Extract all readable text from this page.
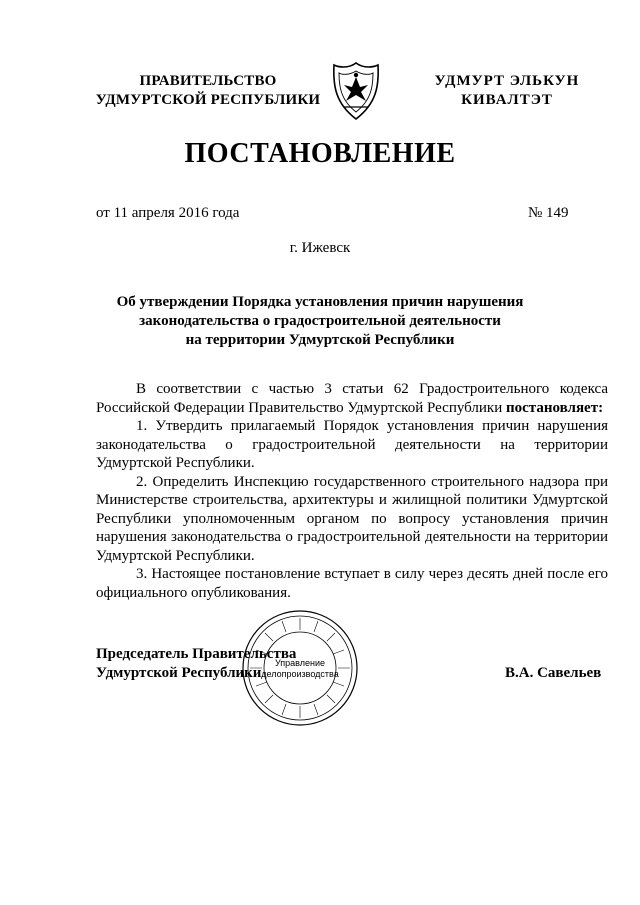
ПРАВИТЕЛЬСТВО
УДМУРТСКОЙ РЕСПУБЛИКИ
УДМУРТ ЭЛЬКУН
КИВАЛТЭТ
ПОСТАНОВЛЕНИЕ
от 11 апреля 2016 года	№ 149
г. Ижевск
Об утверждении Порядка установления причин нарушения
законодательства о градостроительной деятельности
на территории Удмуртской Республики

В соответствии с частью 3 статьи 62 Градостроительного кодекса Российской Федерации Правительство Удмуртской Республики постановляет:

1. Утвердить прилагаемый Порядок установления причин нарушения законодательства о градостроительной деятельности на территории Удмуртской Республики.

2. Определить Инспекцию государственного строительного надзора при Министерстве строительства, архитектуры и жилищной политики Удмуртской Республики уполномоченным органом по вопросу установления причин нарушения законодательства о градостроительной деятельности на территории Удмуртской Республики.

3. Настоящее постановление вступает в силу через десять дней после его официального опубликования.

Управление
делопроизводства
Председатель Правительства
Удмуртской Республики	В.А. Савельев
